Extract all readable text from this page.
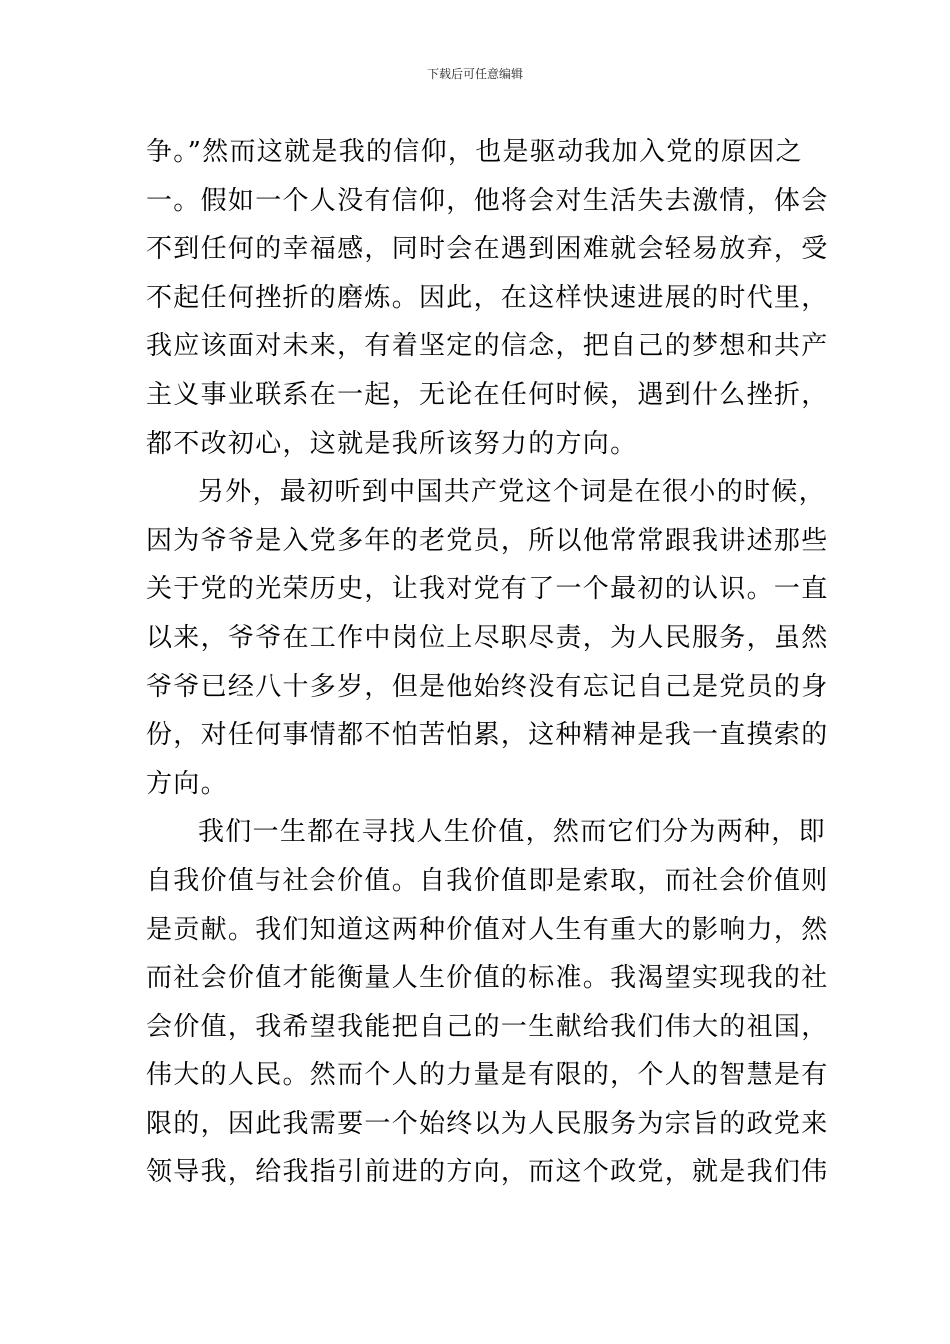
下载后可任意编辑
争。”然而这就是我的信仰，也是驱动我加入党的原因之
一。假如一个人没有信仰，他将会对生活失去激情，体会
不到任何的幸福感，同时会在遇到困难就会轻易放弃，受
不起任何挫折的磨炼。因此，在这样快速进展的时代里，
我应该面对未来，有着坚定的信念，把自己的梦想和共产
主义事业联系在一起，无论在任何时候，遇到什么挫折，
都不改初心，这就是我所该努力的方向。
另外，最初听到中国共产党这个词是在很小的时候，
因为爷爷是入党多年的老党员，所以他常常跟我讲述那些
关于党的光荣历史，让我对党有了一个最初的认识。一直
以来，爷爷在工作中岗位上尽职尽责，为人民服务，虽然
爷爷已经八十多岁，但是他始终没有忘记自己是党员的身
份，对任何事情都不怕苦怕累，这种精神是我一直摸索的
方向。
我们一生都在寻找人生价值，然而它们分为两种，即
自我价值与社会价值。自我价值即是索取，而社会价值则
是贡献。我们知道这两种价值对人生有重大的影响力，然
而社会价值才能衡量人生价值的标准。我渴望实现我的社
会价值，我希望我能把自己的一生献给我们伟大的祖国，
伟大的人民。然而个人的力量是有限的，个人的智慧是有
限的，因此我需要一个始终以为人民服务为宗旨的政党来
领导我，给我指引前进的方向，而这个政党，就是我们伟
